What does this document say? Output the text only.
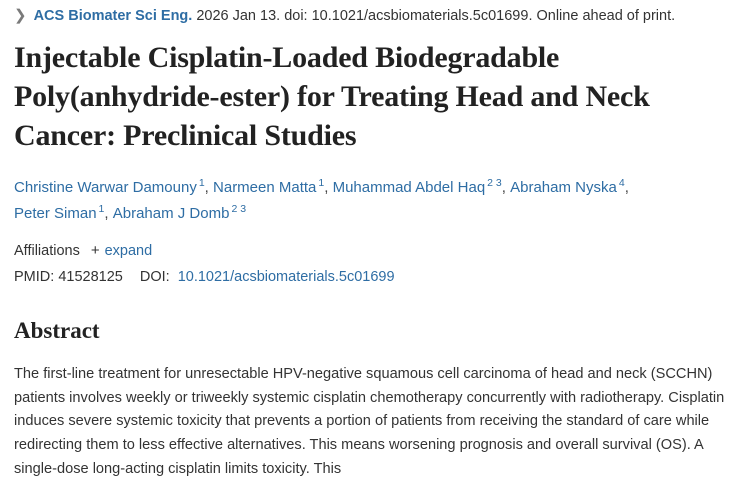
❯ ACS Biomater Sci Eng. 2026 Jan 13. doi: 10.1021/acsbiomaterials.5c01699. Online ahead of print.
Injectable Cisplatin-Loaded Biodegradable Poly(anhydride-ester) for Treating Head and Neck Cancer: Preclinical Studies
Christine Warwar Damouny $^1$, Narmeen Matta $^1$, Muhammad Abdel Haq $^{2 3}$, Abraham Nyska $^4$,
Peter Siman $^1$, Abraham J Domb $^{2 3}$
Affiliations + expand
PMID: 41528125 DOI: 10.1021/acsbiomaterials.5c01699
Abstract

The first-line treatment for unresectable HPV-negative squamous cell carcinoma of head and neck (SCCHN) patients involves weekly or triweekly systemic cisplatin chemotherapy concurrently with radiotherapy. Cisplatin induces severe systemic toxicity that prevents a portion of patients from receiving the standard of care while redirecting them to less effective alternatives. This means worsening prognosis and overall survival (OS). A single-dose long-acting cisplatin limits toxicity. This
